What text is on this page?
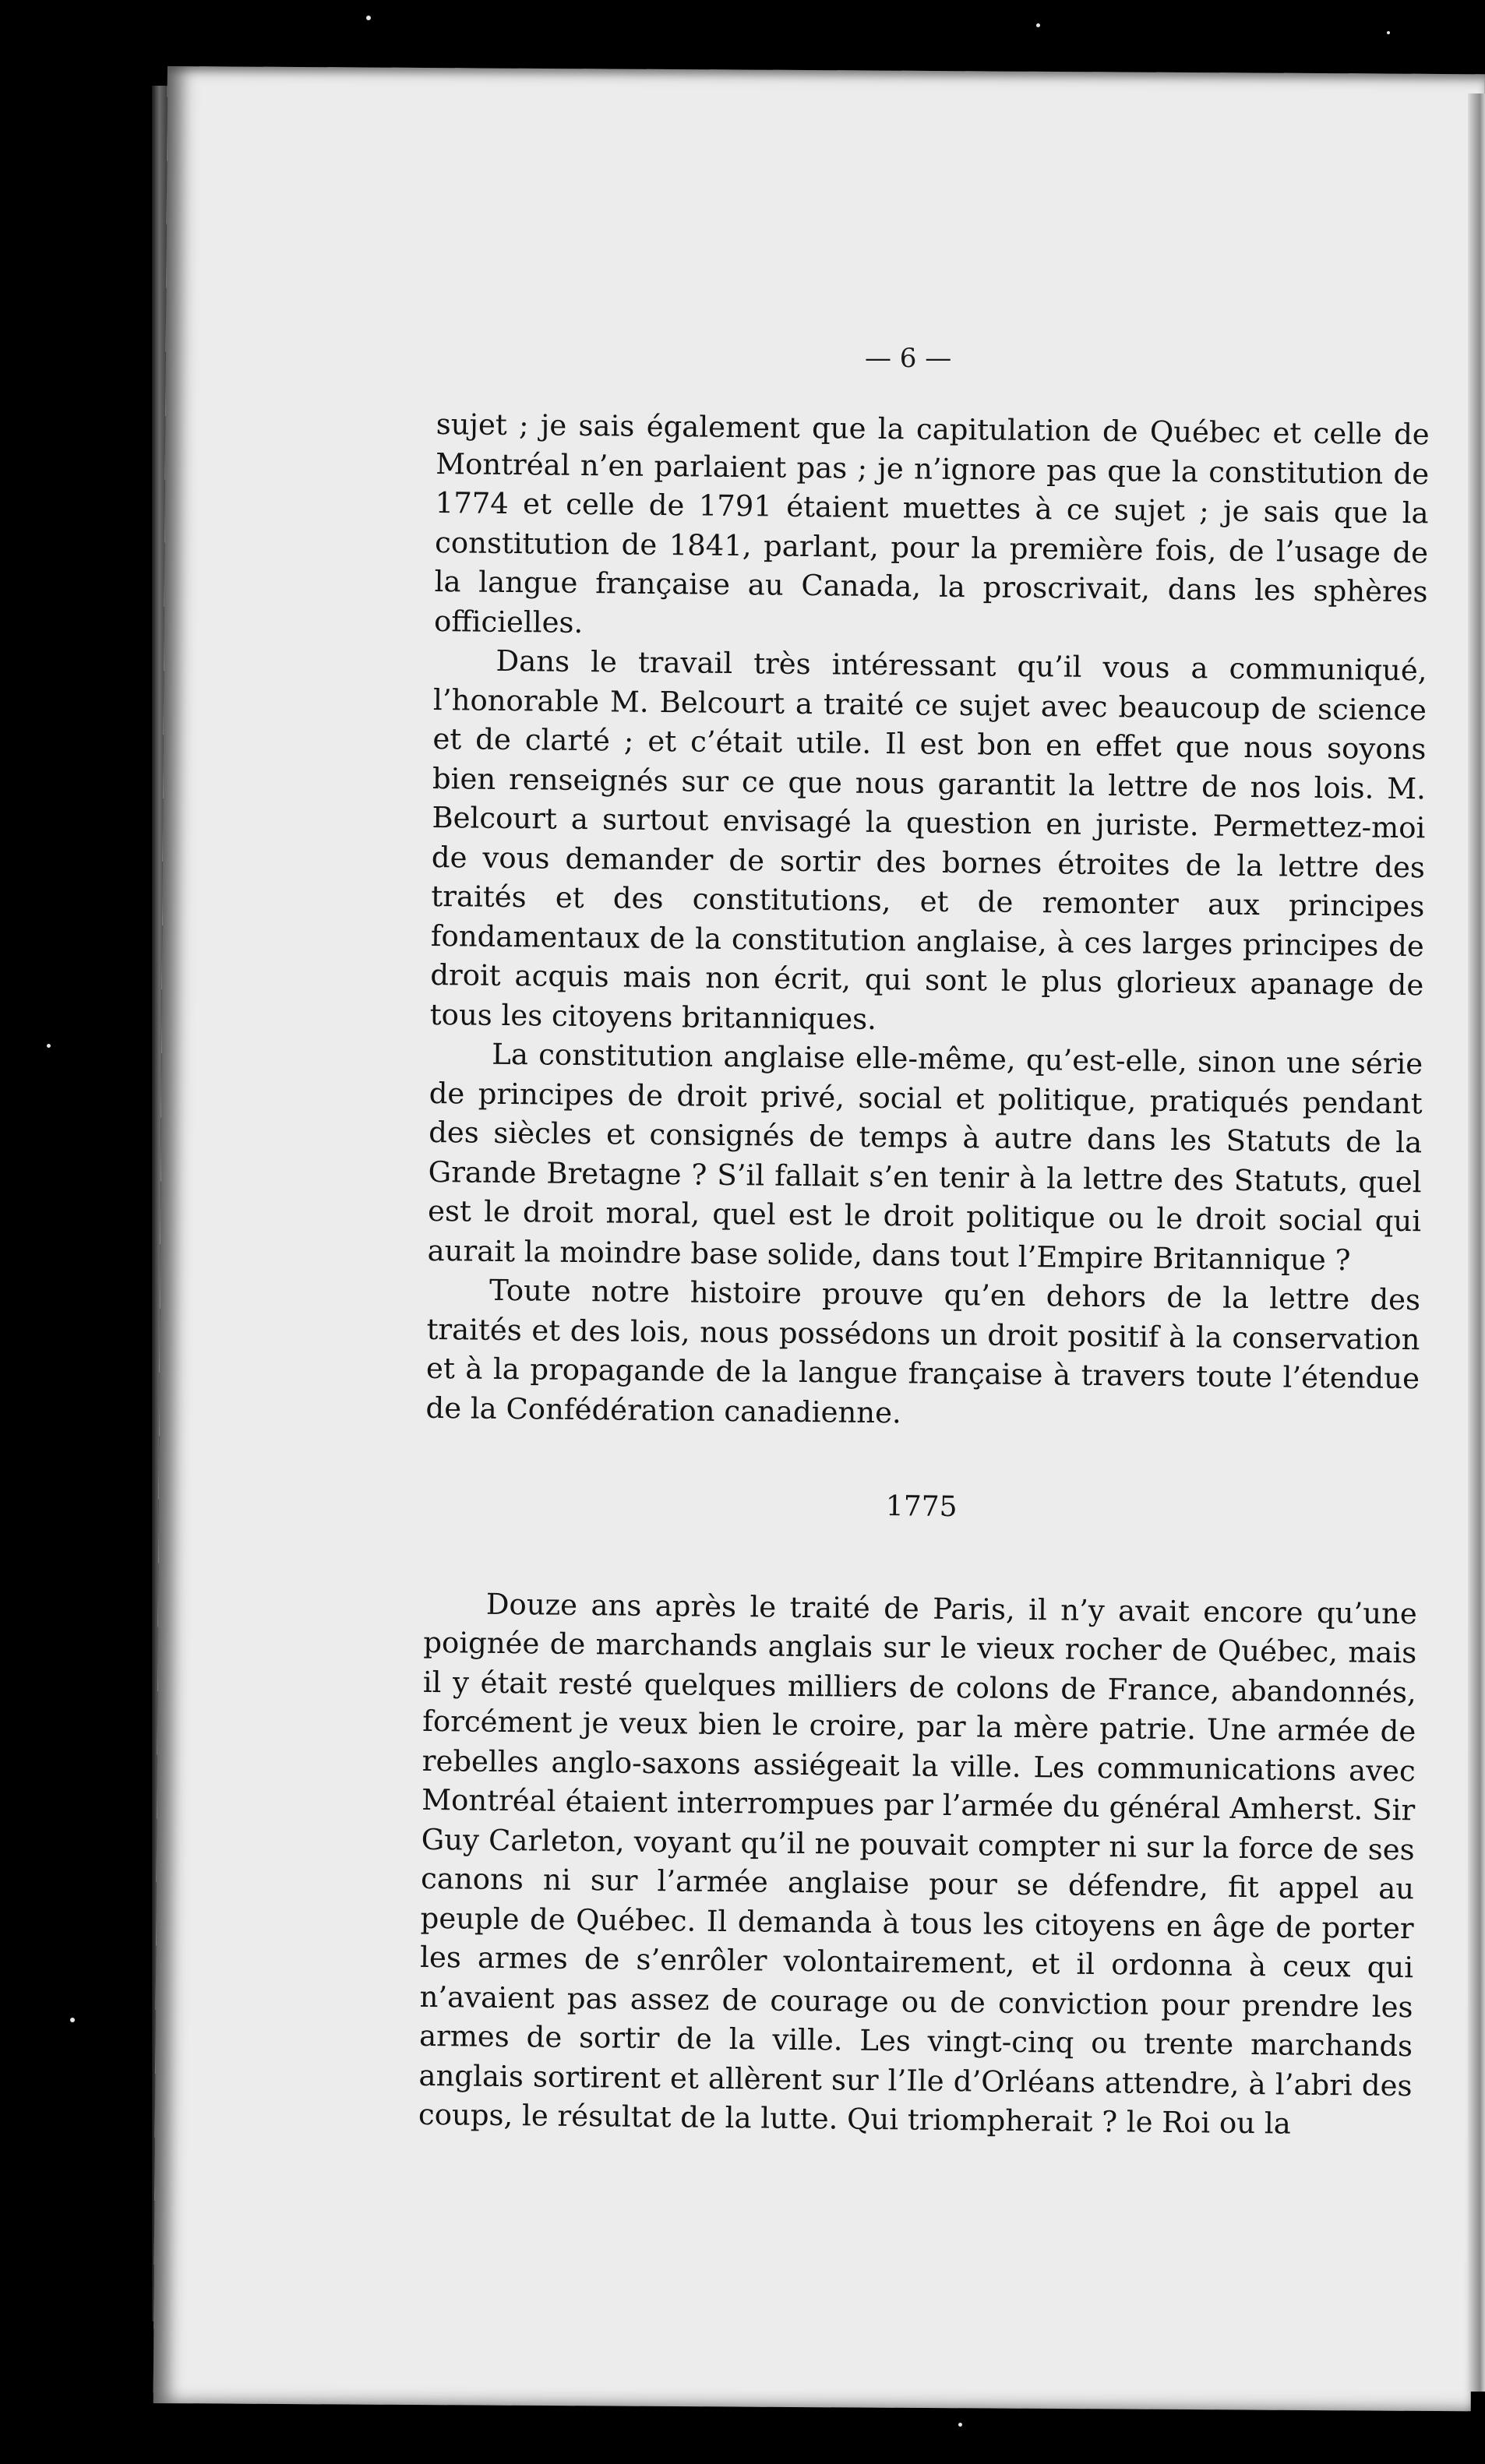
— 6 —

sujet ; je sais également que la capitulation de Québec et celle de Montréal n’en parlaient pas ; je n’ignore pas que la constitution de 1774 et celle de 1791 étaient muettes à ce sujet ; je sais que la constitution de 1841, parlant, pour la première fois, de l’usage de la langue française au Canada, la proscrivait, dans les sphères officielles.

Dans le travail très intéressant qu’il vous a communiqué, l’honorable M. Belcourt a traité ce sujet avec beaucoup de science et de clarté ; et c’était utile. Il est bon en effet que nous soyons bien renseignés sur ce que nous garantit la lettre de nos lois. M. Belcourt a surtout envisagé la question en juriste. Permettez-moi de vous demander de sortir des bornes étroites de la lettre des traités et des constitutions, et de remonter aux principes fondamentaux de la constitution anglaise, à ces larges principes de droit acquis mais non écrit, qui sont le plus glorieux apanage de tous les citoyens britanniques.

La constitution anglaise elle-même, qu’est-elle, sinon une série de principes de droit privé, social et politique, pratiqués pendant des siècles et consignés de temps à autre dans les Statuts de la Grande Bretagne ? S’il fallait s’en tenir à la lettre des Statuts, quel est le droit moral, quel est le droit politique ou le droit social qui aurait la moindre base solide, dans tout l’Empire Britannique ?

Toute notre histoire prouve qu’en dehors de la lettre des traités et des lois, nous possédons un droit positif à la conservation et à la propagande de la langue française à travers toute l’étendue de la Confédération canadienne.

1775

Douze ans après le traité de Paris, il n’y avait encore qu’une poignée de marchands anglais sur le vieux rocher de Québec, mais il y était resté quelques milliers de colons de France, abandonnés, forcément je veux bien le croire, par la mère patrie. Une armée de rebelles anglo-saxons assiégeait la ville. Les communications avec Montréal étaient interrompues par l’armée du général Amherst. Sir Guy Carleton, voyant qu’il ne pouvait compter ni sur la force de ses canons ni sur l’armée anglaise pour se défendre, fit appel au peuple de Québec. Il demanda à tous les citoyens en âge de porter les armes de s’enrôler volontairement, et il ordonna à ceux qui n’avaient pas assez de courage ou de conviction pour prendre les armes de sortir de la ville. Les vingt-cinq ou trente marchands anglais sortirent et allèrent sur l’Ile d’Orléans attendre, à l’abri des coups, le résultat de la lutte. Qui triompherait ? le Roi ou la
